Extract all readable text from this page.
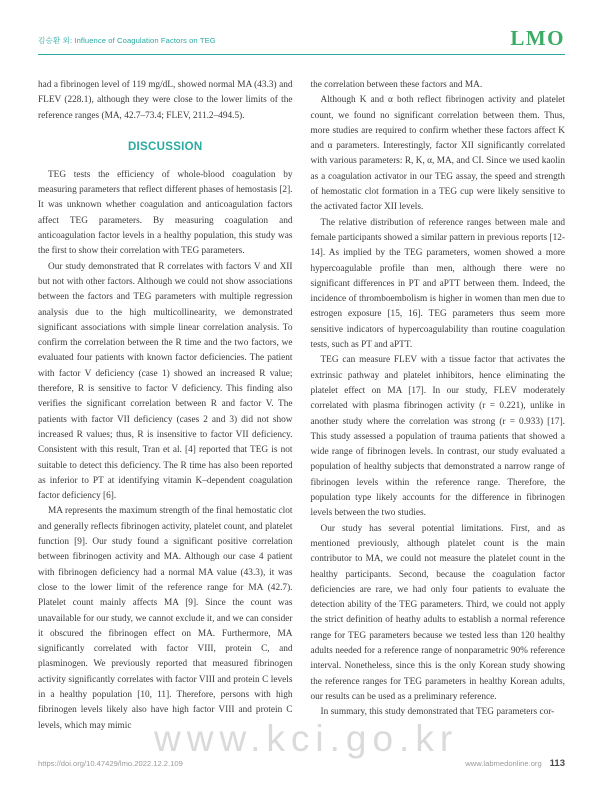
www.kci.go.kr
김승환 외: Influence of Coagulation Factors on TEG	LMO

had a fibrinogen level of 119 mg/dL, showed normal MA (43.3) and FLEV (228.1), although they were close to the lower limits of the reference ranges (MA, 42.7–73.4; FLEV, 211.2–494.5).

DISCUSSION

TEG tests the efficiency of whole-blood coagulation by measuring parameters that reflect different phases of hemostasis [2]. It was unknown whether coagulation and anticoagulation factors affect TEG parameters. By measuring coagulation and anticoagulation factor levels in a healthy population, this study was the first to show their correlation with TEG parameters.

Our study demonstrated that R correlates with factors V and XII but not with other factors. Although we could not show associations between the factors and TEG parameters with multiple regression analysis due to the high multicollinearity, we demonstrated significant associations with simple linear correlation analysis. To confirm the correlation between the R time and the two factors, we evaluated four patients with known factor deficiencies. The patient with factor V deficiency (case 1) showed an increased R value; therefore, R is sensitive to factor V deficiency. This finding also verifies the significant correlation between R and factor V. The patients with factor VII deficiency (cases 2 and 3) did not show increased R values; thus, R is insensitive to factor VII deficiency. Consistent with this result, Tran et al. [4] reported that TEG is not suitable to detect this deficiency. The R time has also been reported as inferior to PT at identifying vitamin K–dependent coagulation factor deficiency [6].

MA represents the maximum strength of the final hemostatic clot and generally reflects fibrinogen activity, platelet count, and platelet function [9]. Our study found a significant positive correlation between fibrinogen activity and MA. Although our case 4 patient with fibrinogen deficiency had a normal MA value (43.3), it was close to the lower limit of the reference range for MA (42.7). Platelet count mainly affects MA [9]. Since the count was unavailable for our study, we cannot exclude it, and we can consider it obscured the fibrinogen effect on MA. Furthermore, MA significantly correlated with factor VIII, protein C, and plasminogen. We previously reported that measured fibrinogen activity significantly correlates with factor VIII and protein C levels in a healthy population [10, 11]. Therefore, persons with high fibrinogen levels likely also have high factor VIII and protein C levels, which may mimic

the correlation between these factors and MA.

Although K and α both reflect fibrinogen activity and platelet count, we found no significant correlation between them. Thus, more studies are required to confirm whether these factors affect K and α parameters. Interestingly, factor XII significantly correlated with various parameters: R, K, α, MA, and CI. Since we used kaolin as a coagulation activator in our TEG assay, the speed and strength of hemostatic clot formation in a TEG cup were likely sensitive to the activated factor XII levels.

The relative distribution of reference ranges between male and female participants showed a similar pattern in previous reports [12-14]. As implied by the TEG parameters, women showed a more hypercoagulable profile than men, although there were no significant differences in PT and aPTT between them. Indeed, the incidence of thromboembolism is higher in women than men due to estrogen exposure [15, 16]. TEG parameters thus seem more sensitive indicators of hypercoagulability than routine coagulation tests, such as PT and aPTT.

TEG can measure FLEV with a tissue factor that activates the extrinsic pathway and platelet inhibitors, hence eliminating the platelet effect on MA [17]. In our study, FLEV moderately correlated with plasma fibrinogen activity (r = 0.221), unlike in another study where the correlation was strong (r = 0.933) [17]. This study assessed a population of trauma patients that showed a wide range of fibrinogen levels. In contrast, our study evaluated a population of healthy subjects that demonstrated a narrow range of fibrinogen levels within the reference range. Therefore, the population type likely accounts for the difference in fibrinogen levels between the two studies.

Our study has several potential limitations. First, and as mentioned previously, although platelet count is the main contributor to MA, we could not measure the platelet count in the healthy participants. Second, because the coagulation factor deficiencies are rare, we had only four patients to evaluate the detection ability of the TEG parameters. Third, we could not apply the strict definition of heathy adults to establish a normal reference range for TEG parameters because we tested less than 120 healthy adults needed for a reference range of nonparametric 90% reference interval. Nonetheless, since this is the only Korean study showing the reference ranges for TEG parameters in healthy Korean adults, our results can be used as a preliminary reference.

In summary, this study demonstrated that TEG parameters cor-

https://doi.org/10.47429/lmo.2022.12.2.109	www.labmedonline.org 113
